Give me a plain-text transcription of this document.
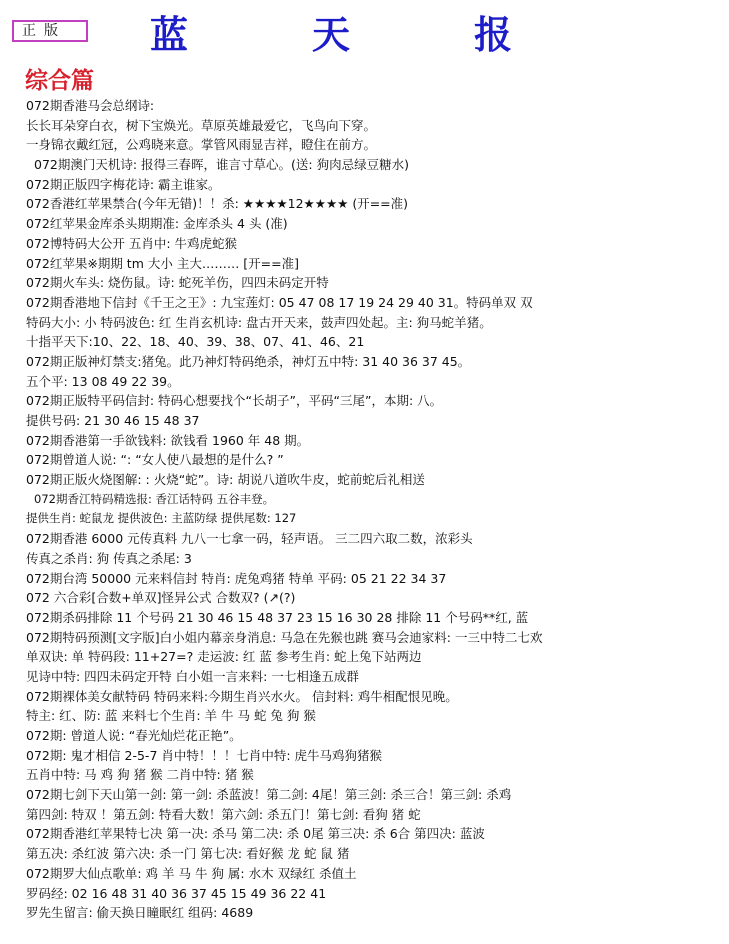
正版	蓝	天	报
综合篇
072期香港马会总纲诗:
长长耳朵穿白衣，树下宝焕光。草原英雄最爱它，飞鸟向下穿。
一身锦衣戴红冠，公鸡晓来意。掌管风雨显吉祥，瞪住在前方。
072期澳门天机诗: 报得三春晖，谁言寸草心。(送: 狗肉忌绿豆糖水)
072期正版四字梅花诗: 霸主谁家。
072香港红苹果禁合(今年无错)！！杀: ★★★★12★★★★ (开==准)
072红苹果金库杀头期期准: 金库杀头 4 头 (准)
072博特码大公开 五肖中: 牛鸡虎蛇猴
072红苹果※期期 tm 大小 主大……… [开==准]
072期火车头: 烧伤鼠。诗: 蛇死羊伤，四四未码定开特
072期香港地下信封《千王之王》: 九宝莲灯: 05 47 08 17 19 24 29 40 31。特码单双 双
特码大小: 小 特码波色: 红 生肖玄机诗: 盘古开天来，鼓声四处起。主: 狗马蛇羊猪。
十指平天下:10、22、18、40、39、38、07、41、46、21
072期正版神灯禁支:猪兔。此乃神灯特码绝杀，神灯五中特: 31 40 36 37 45。
五个平: 13 08 49 22 39。
072期正版特平码信封: 特码心想要找个“长胡子”，平码“三尾”，本期: 八。
提供号码: 21 30 46 15 48 37
072期香港第一手欲钱料: 欲钱看 1960 年 48 期。
072期曾道人说: “: “女人使八最想的是什么? ”
072期正版火烧图解: : 火烧“蛇”。诗: 胡说八道吹牛皮，蛇前蛇后礼相送
072期香江特码精选报: 香江话特码 五谷丰登。
提供生肖: 蛇鼠龙 提供波色: 主蓝防绿 提供尾数: 127
072期香港 6000 元传真料 九八一七拿一码，轻声语。 三二四六取二数，浓彩头
传真之杀肖: 狗 传真之杀尾: 3
072期台湾 50000 元来料信封 特肖: 虎兔鸡猪 特单 平码: 05 21 22 34 37
072 六合彩[合数+单双]怪异公式 合数双? (↗(?)
072期杀码排除 11 个号码 21 30 46 15 48 37 23 15 16 30 28 排除 11 个号码**红, 蓝
072期特码预测[文字版]白小姐内幕亲身消息: 马急在先猴也跳 赛马会迪家料: 一三中特二七欢
单双诀: 单 特码段: 11+27=? 走运波: 红 蓝 参考生肖: 蛇上兔下站两边
见诗中特: 四四未码定开特 白小姐一言来料: 一七相逢五成群
072期裸体美女献特码 特码来料:今期生肖兴水火。 信封料: 鸡牛相配恨见晚。
特主: 红、防: 蓝 来料七个生肖: 羊 牛 马 蛇 兔 狗 猴
072期: 曾道人说: “春光灿烂花正艳”。
072期: 鬼才相信 2-5-7 肖中特！！！七肖中特: 虎牛马鸡狗猪猴
五肖中特: 马 鸡 狗 猪 猴 二肖中特: 猪 猴
072期七剑下天山第一剑: 第一剑: 杀蓝波！第二剑: 4尾！第三剑: 杀三合！第三剑: 杀鸡
第四剑: 特双 ！第五剑: 特看大数！第六剑: 杀五门！第七剑: 看狗 猪 蛇
072期香港红苹果特七决 第一决: 杀马 第二决: 杀 0尾 第三决: 杀 6合 第四决: 蓝波
第五决: 杀红波 第六决: 杀一门 第七决: 看好猴 龙 蛇 鼠 猪
072期罗大仙点歌单: 鸡 羊 马 牛 狗 属: 水木 双绿红 杀值土
罗码经: 02 16 48 31 40 36 37 45 15 49 36 22 41
罗先生留言: 偷天换日瞳眠红 组码: 4689
